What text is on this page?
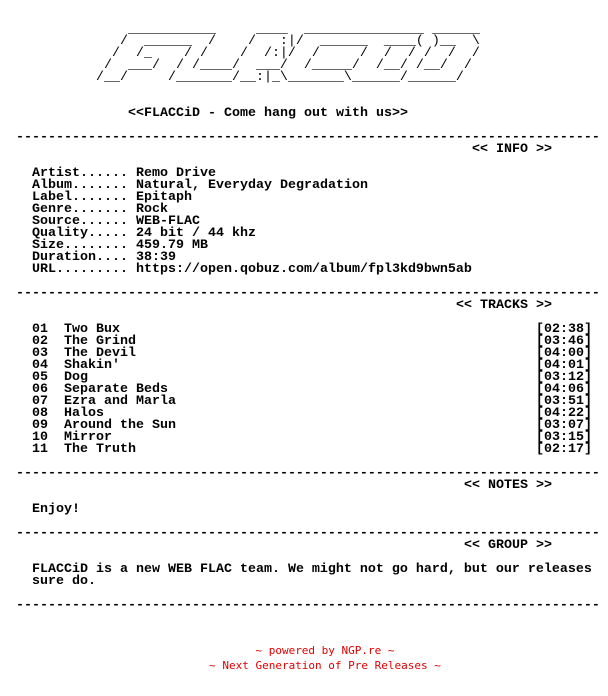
___________     ____  _______________ ______
/  ______  /    /   :|/  ______  ____( )__  \
/  /_    / /    /  /:|/  /     /  /  / /  /  /
/  ___/  / /____/  ___/  /_____/  /__/ /__/  /
/__/     /_______/__:|_\_______\______/______/
<<FLACCiD - Come hang out with us>>
-------------------------------------------------------------------------
<< INFO >>
Artist...... Remo Drive
Album....... Natural, Everyday Degradation
Label....... Epitaph
Genre....... Rock
Source...... WEB-FLAC
Quality..... 24 bit / 44 khz
Size........ 459.79 MB
Duration.... 38:39
URL......... https://open.qobuz.com/album/fpl3kd9bwn5ab
-------------------------------------------------------------------------
<< TRACKS >>
01 Two Bux	[02:38]
02 The Grind	[03:46]
03 The Devil	[04:00]
04 Shakin'	[04:01]
05 Dog	[03:12]
06 Separate Beds	[04:06]
07 Ezra and Marla	[03:51]
08 Halos	[04:22]
09 Around the Sun	[03:07]
10 Mirror	[03:15]
11 The Truth	[02:17]
-------------------------------------------------------------------------
<< NOTES >>
Enjoy!
-------------------------------------------------------------------------
<< GROUP >>
FLACCiD is a new WEB FLAC team. We might not go hard, but our releases
sure do.
-------------------------------------------------------------------------
~ powered by NGP.re ~
~ Next Generation of Pre Releases ~
